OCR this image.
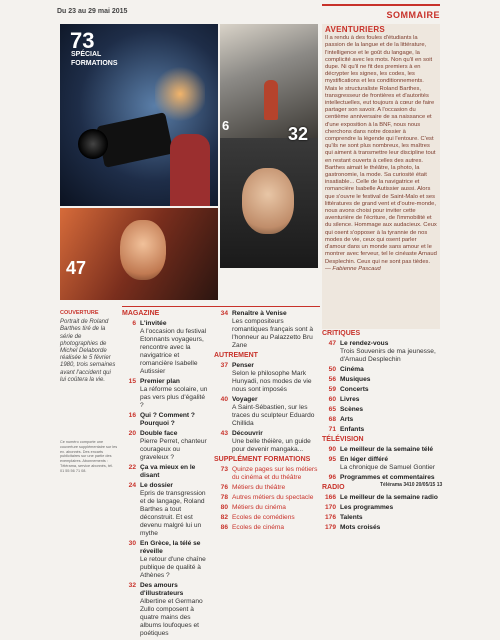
Du 23 au 29 mai 2015	SOMMAIRE
73
SPÉCIAL
FORMATIONS
6	32
47
AVENTURIERS
Il a rendu à des foules d'étudiants la passion de la langue et de la littérature, l'intelligence et le goût du langage, la complicité avec les mots. Non qu'il en soit dupe. Ni qu'il ne fit des premiers à en décrypter les signes, les codes, les mystifications et les conditionnements. Mais le structuraliste Roland Barthes, transgresseur de frontières et d'autorités intellectuelles, eut toujours à cœur de faire partager son savoir. A l'occasion du centième anniversaire de sa naissance et d'une exposition à la BNF, nous nous cherchons dans notre dossier à comprendre la légende qui l'entoure. C'est qu'ils ne sont plus nombreux, les maîtres qui aiment à transmettre leur discipline tout en restant ouverts à celles des autres. Barthes aimait le théâtre, la photo, la gastronomie, la mode. Sa curiosité était insatiable... Celle de la navigatrice et romancière Isabelle Autissier aussi. Alors que s'ouvre le festival de Saint-Malo et ses littératures de grand vent et d'outre-monde, nous avons choisi pour inviter cette aventurière de l'écriture, de l'immobilité et du silence. Hommage aux audacieux. Ceux qui osent s'opposer à la tyrannie de nos modes de vie, ceux qui osent parler d'amour dans un monde sans amour et le montrer avec ferveur, tel le cinéaste Arnaud Desplechin. Ceux qui ne sont pas tièdes. — Fabienne Pascaud
COUVERTURE
Portrait de Roland Barthes tiré de la série de photographies de Michel Delaborde réalisée le 5 février 1980, trois semaines avant l'accident qui lui coûtera la vie.
Ce numéro comporte une couverture supplémentaire sur les ex. abonnés. Des encarts publicitaires sur une partie des exemplaires. Abonnements : Télérama, service abonnés, tél. 01 55 56 71 08.
MAGAZINE
6 L'invitée
A l'occasion du festival Etonnants voyageurs, rencontre avec la navigatrice et romancière Isabelle Autissier
15 Premier plan
La réforme scolaire, un pas vers plus d'égalité ?
16 Qui ? Comment ? Pourquoi ?
20 Double face
Pierre Perret, chanteur courageux ou graveleux ?
22 Ça va mieux en le disant
24 Le dossier
Epris de transgression et de langage, Roland Barthes a tout déconstruit. Et est devenu malgré lui un mythe
30 En Grèce, la télé se réveille
Le retour d'une chaîne publique de qualité à Athènes ?
32 Des amours d'illustrateurs
Albertine et Germano Zullo composent à quatre mains des albums loufoques et poétiques
34 Renaître à Venise
Les compositeurs romantiques français sont à l'honneur au Palazzetto Bru Zane
AUTREMENT
37 Penser
Selon le philosophe Mark Hunyadi, nos modes de vie nous sont imposés
40 Voyager
A Saint-Sébastien, sur les traces du sculpteur Eduardo Chillida
43 Découvrir
Une belle théière, un guide pour devenir mangaka...
SUPPLÉMENT FORMATIONS
73 Quinze pages sur les métiers du cinéma et du théâtre
76 Métiers du théâtre
78 Autres métiers du spectacle
80 Métiers du cinéma
82 Ecoles de comédiens
86 Ecoles de cinéma
CRITIQUES
47 Le rendez-vous
Trois Souvenirs de ma jeunesse, d'Arnaud Desplechin
50 Cinéma
56 Musiques
59 Concerts
60 Livres
65 Scènes
68 Arts
71 Enfants
TÉLÉVISION
90 Le meilleur de la semaine télé
95 En léger différé
La chronique de Samuel Gontier
96 Programmes et commentaires
RADIO
166 Le meilleur de la semaine radio
170 Les programmes
176 Talents
179 Mots croisés
Télérama 3410 20/05/15 13
